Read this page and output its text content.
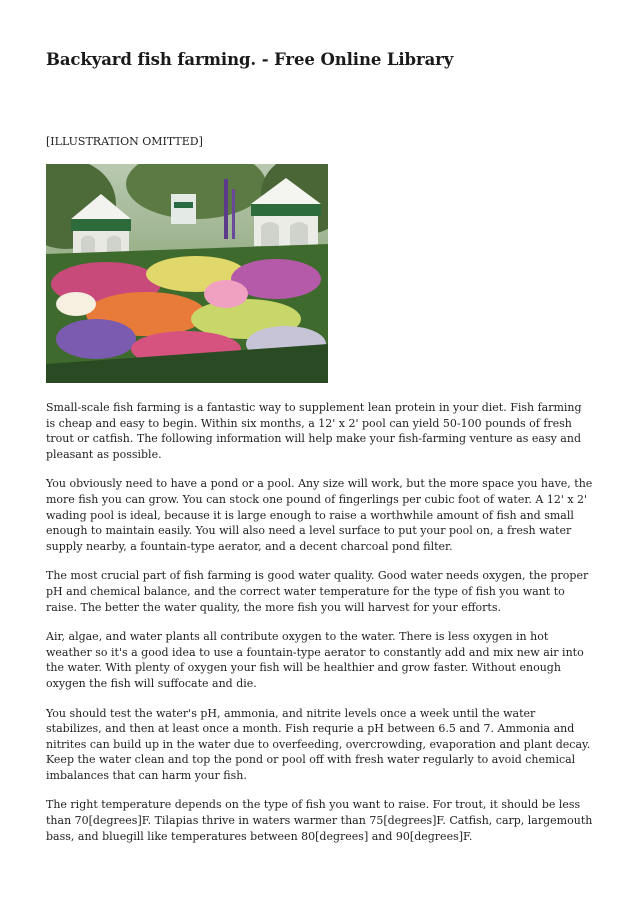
Backyard fish farming. - Free Online Library

[ILLUSTRATION OMITTED]

Small-scale fish farming is a fantastic way to supplement lean protein in your diet. Fish farming is cheap and easy to begin. Within six months, a 12' x 2' pool can yield 50-100 pounds of fresh trout or catfish. The following information will help make your fish-farming venture as easy and pleasant as possible.

You obviously need to have a pond or a pool. Any size will work, but the more space you have, the more fish you can grow. You can stock one pound of fingerlings per cubic foot of water. A 12' x 2' wading pool is ideal, because it is large enough to raise a worthwhile amount of fish and small enough to maintain easily. You will also need a level surface to put your pool on, a fresh water supply nearby, a fountain-type aerator, and a decent charcoal pond filter.

The most crucial part of fish farming is good water quality. Good water needs oxygen, the proper pH and chemical balance, and the correct water temperature for the type of fish you want to raise. The better the water quality, the more fish you will harvest for your efforts.

Air, algae, and water plants all contribute oxygen to the water. There is less oxygen in hot weather so it's a good idea to use a fountain-type aerator to constantly add and mix new air into the water. With plenty of oxygen your fish will be healthier and grow faster. Without enough oxygen the fish will suffocate and die.

You should test the water's pH, ammonia, and nitrite levels once a week until the water stabilizes, and then at least once a month. Fish requrie a pH between 6.5 and 7. Ammonia and nitrites can build up in the water due to overfeeding, overcrowding, evaporation and plant decay. Keep the water clean and top the pond or pool off with fresh water regularly to avoid chemical imbalances that can harm your fish.

The right temperature depends on the type of fish you want to raise. For trout, it should be less than 70[degrees]F. Tilapias thrive in waters warmer than 75[degrees]F. Catfish, carp, largemouth bass, and bluegill like temperatures between 80[degrees] and 90[degrees]F.
